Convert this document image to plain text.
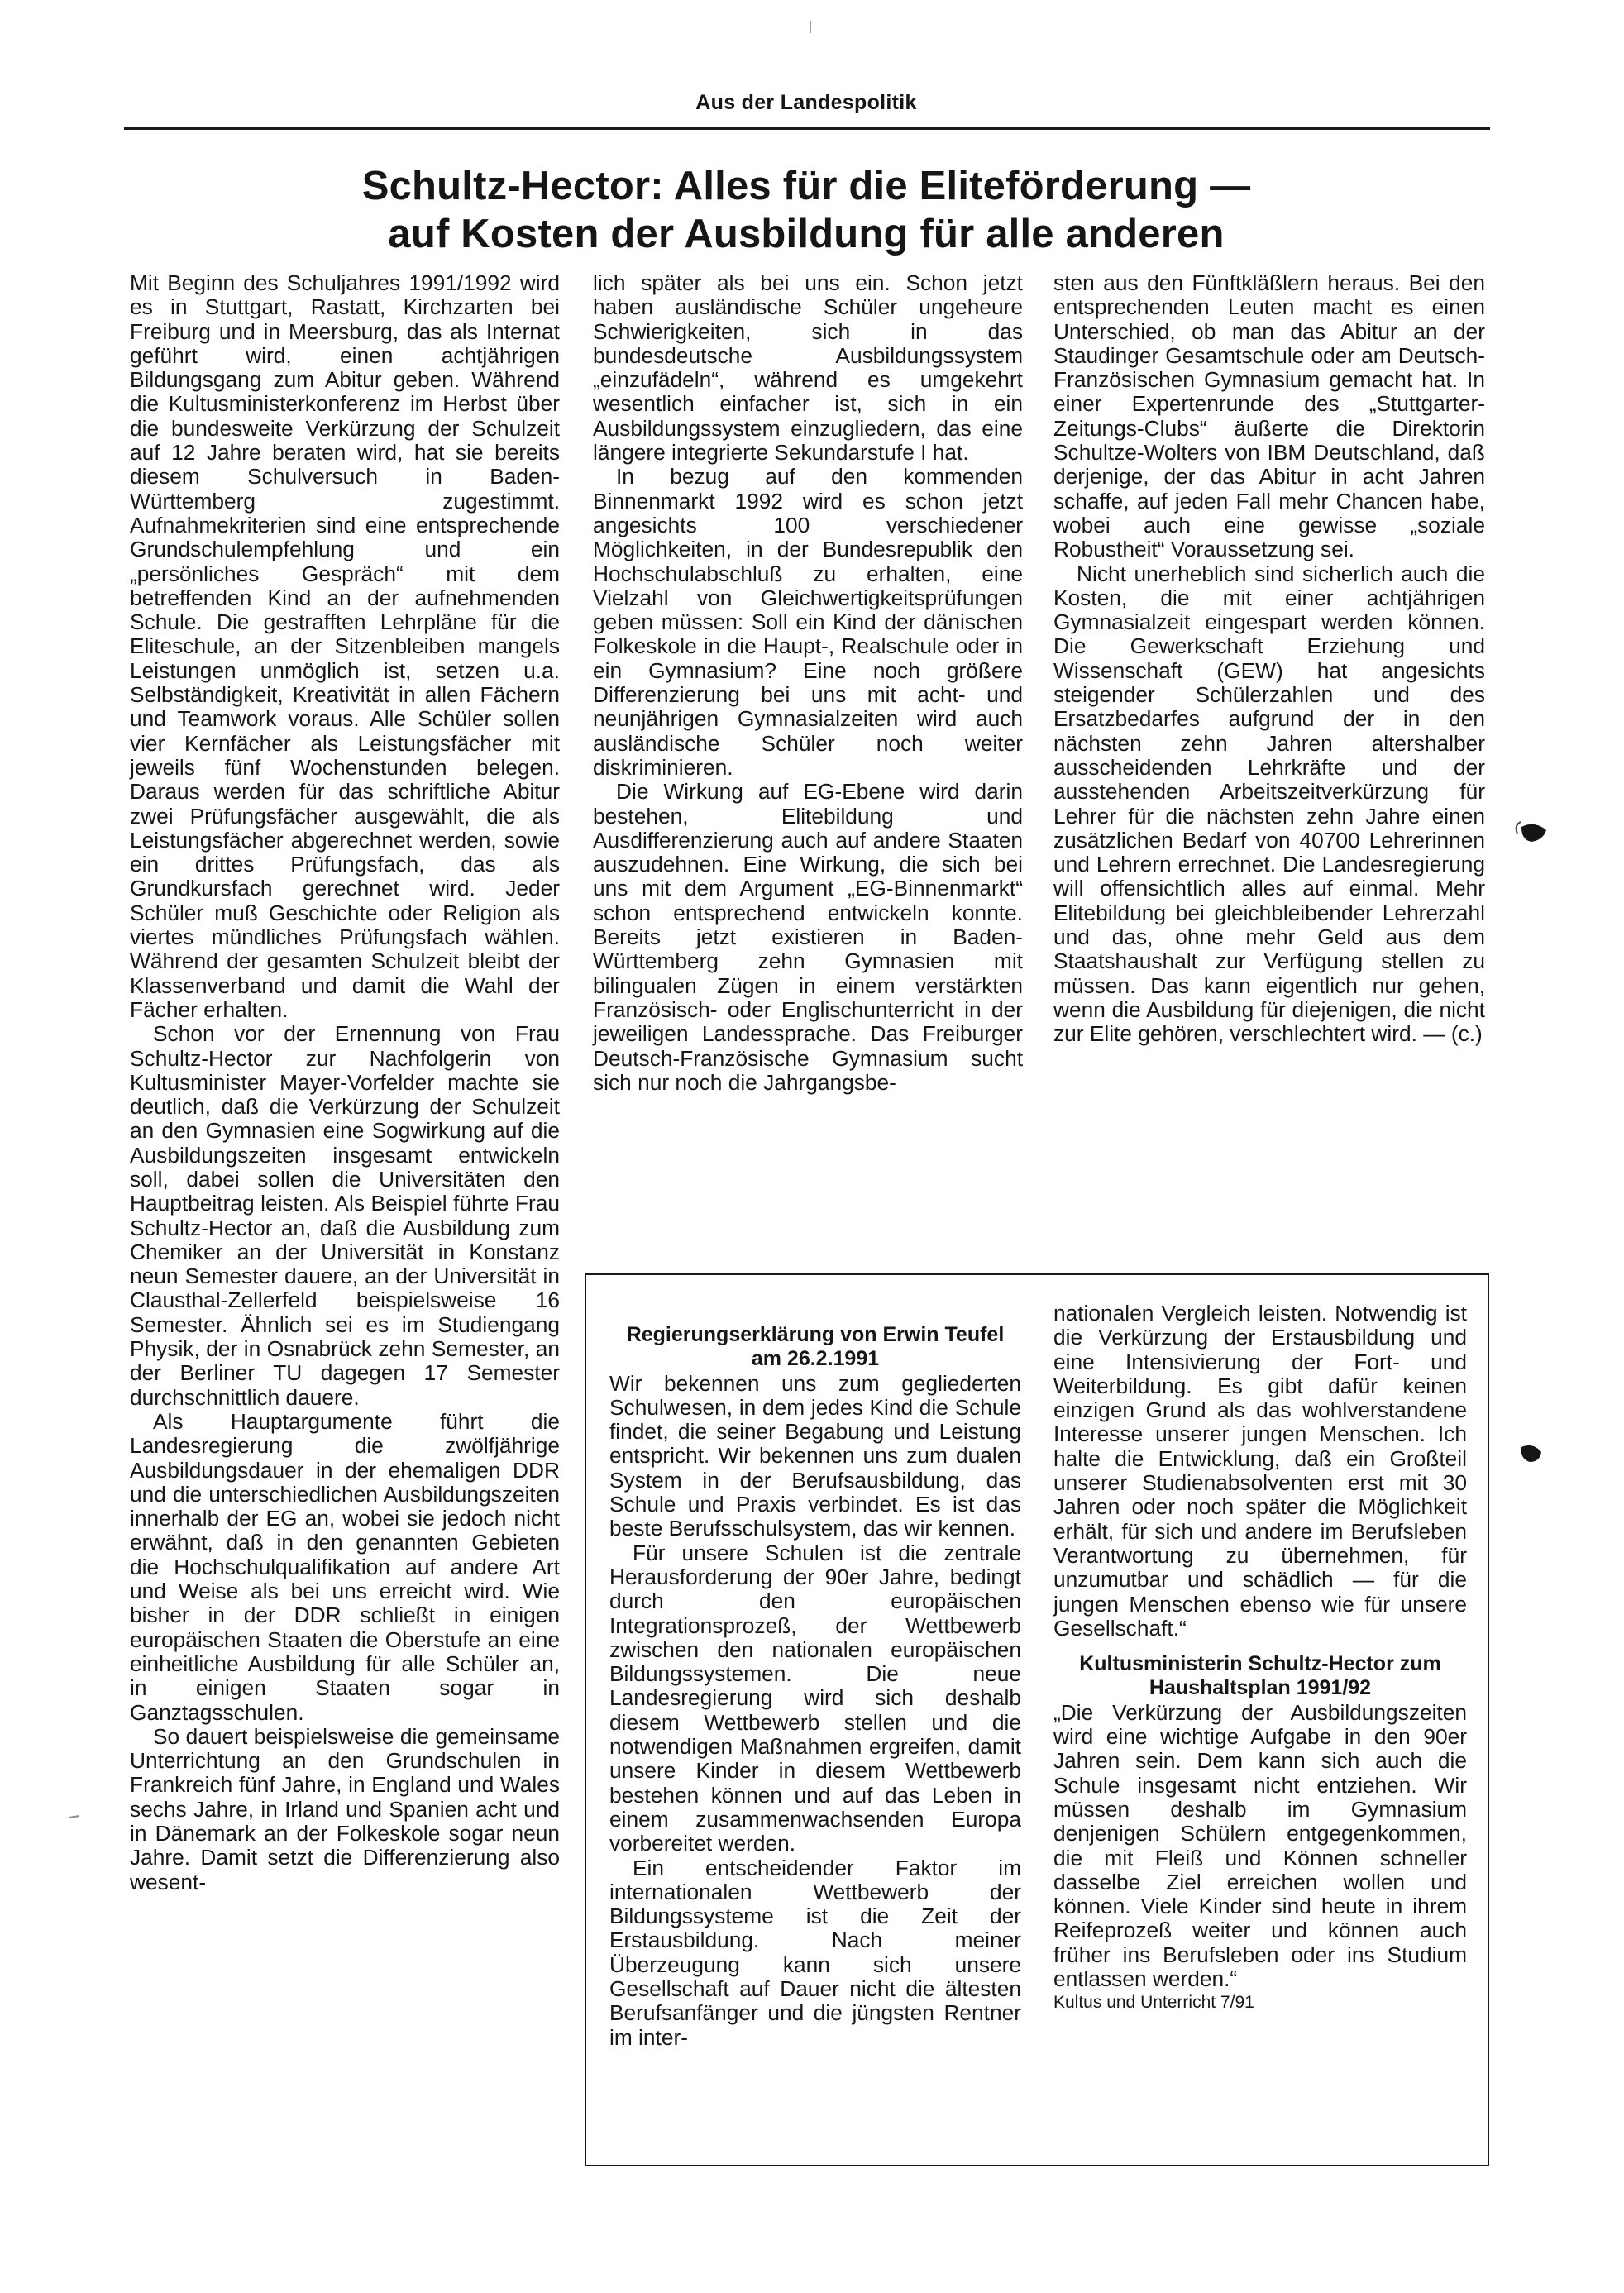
Aus der Landespolitik
Schultz-Hector: Alles für die Eliteförderung —
auf Kosten der Ausbildung für alle anderen

Mit Beginn des Schuljahres 1991/1992 wird es in Stuttgart, Rastatt, Kirchzarten bei Freiburg und in Meersburg, das als Internat geführt wird, einen achtjährigen Bildungsgang zum Abitur geben. Während die Kultusministerkonferenz im Herbst über die bundesweite Verkürzung der Schulzeit auf 12 Jahre beraten wird, hat sie bereits diesem Schulversuch in Baden-Württemberg zugestimmt. Aufnahmekriterien sind eine entsprechende Grundschulempfehlung und ein „persönliches Gespräch“ mit dem betreffenden Kind an der aufnehmenden Schule. Die gestrafften Lehrpläne für die Eliteschule, an der Sitzenbleiben mangels Leistungen unmöglich ist, setzen u.a. Selbständigkeit, Kreativität in allen Fächern und Teamwork voraus. Alle Schüler sollen vier Kernfächer als Leistungsfächer mit jeweils fünf Wochenstunden belegen. Daraus werden für das schriftliche Abitur zwei Prüfungsfächer ausgewählt, die als Leistungsfächer abgerechnet werden, sowie ein drittes Prüfungsfach, das als Grundkursfach gerechnet wird. Jeder Schüler muß Geschichte oder Religion als viertes mündliches Prüfungsfach wählen. Während der gesamten Schulzeit bleibt der Klassenverband und damit die Wahl der Fächer erhalten.

Schon vor der Ernennung von Frau Schultz-Hector zur Nachfolgerin von Kultusminister Mayer-Vorfelder machte sie deutlich, daß die Verkürzung der Schulzeit an den Gymnasien eine Sogwirkung auf die Ausbildungszeiten insgesamt entwickeln soll, dabei sollen die Universitäten den Hauptbeitrag leisten. Als Beispiel führte Frau Schultz-Hector an, daß die Ausbildung zum Chemiker an der Universität in Konstanz neun Semester dauere, an der Universität in Clausthal-Zellerfeld beispielsweise 16 Semester. Ähnlich sei es im Studiengang Physik, der in Osnabrück zehn Semester, an der Berliner TU dagegen 17 Semester durchschnittlich dauere.

Als Hauptargumente führt die Landesregierung die zwölfjährige Ausbildungsdauer in der ehemaligen DDR und die unterschiedlichen Ausbildungszeiten innerhalb der EG an, wobei sie jedoch nicht erwähnt, daß in den genannten Gebieten die Hochschulqualifikation auf andere Art und Weise als bei uns erreicht wird. Wie bisher in der DDR schließt in einigen europäischen Staaten die Oberstufe an eine einheitliche Ausbildung für alle Schüler an, in einigen Staaten sogar in Ganztagsschulen.

So dauert beispielsweise die gemeinsame Unterrichtung an den Grundschulen in Frankreich fünf Jahre, in England und Wales sechs Jahre, in Irland und Spanien acht und in Dänemark an der Folkeskole sogar neun Jahre. Damit setzt die Differenzierung also wesent-

lich später als bei uns ein. Schon jetzt haben ausländische Schüler ungeheure Schwierigkeiten, sich in das bundesdeutsche Ausbildungssystem „einzufädeln“, während es umgekehrt wesentlich einfacher ist, sich in ein Ausbildungssystem einzugliedern, das eine längere integrierte Sekundarstufe I hat.

In bezug auf den kommenden Binnenmarkt 1992 wird es schon jetzt angesichts 100 verschiedener Möglichkeiten, in der Bundesrepublik den Hochschulabschluß zu erhalten, eine Vielzahl von Gleichwertigkeitsprüfungen geben müssen: Soll ein Kind der dänischen Folkeskole in die Haupt-, Realschule oder in ein Gymnasium? Eine noch größere Differenzierung bei uns mit acht- und neunjährigen Gymnasialzeiten wird auch ausländische Schüler noch weiter diskriminieren.

Die Wirkung auf EG-Ebene wird darin bestehen, Elitebildung und Ausdifferenzierung auch auf andere Staaten auszudehnen. Eine Wirkung, die sich bei uns mit dem Argument „EG-Binnenmarkt“ schon entsprechend entwickeln konnte. Bereits jetzt existieren in Baden-Württemberg zehn Gymnasien mit bilingualen Zügen in einem verstärkten Französisch- oder Englischunterricht in der jeweiligen Landessprache. Das Freiburger Deutsch-Französische Gymnasium sucht sich nur noch die Jahrgangsbe-

sten aus den Fünftkläßlern heraus. Bei den entsprechenden Leuten macht es einen Unterschied, ob man das Abitur an der Staudinger Gesamtschule oder am Deutsch-Französischen Gymnasium gemacht hat. In einer Expertenrunde des „Stuttgarter-Zeitungs-Clubs“ äußerte die Direktorin Schultze-Wolters von IBM Deutschland, daß derjenige, der das Abitur in acht Jahren schaffe, auf jeden Fall mehr Chancen habe, wobei auch eine gewisse „soziale Robustheit“ Voraussetzung sei.

Nicht unerheblich sind sicherlich auch die Kosten, die mit einer achtjährigen Gymnasialzeit eingespart werden können. Die Gewerkschaft Erziehung und Wissenschaft (GEW) hat angesichts steigender Schülerzahlen und des Ersatzbedarfes aufgrund der in den nächsten zehn Jahren altershalber ausscheidenden Lehrkräfte und der ausstehenden Arbeitszeitverkürzung für Lehrer für die nächsten zehn Jahre einen zusätzlichen Bedarf von 40700 Lehrerinnen und Lehrern errechnet. Die Landesregierung will offensichtlich alles auf einmal. Mehr Elitebildung bei gleichbleibender Lehrerzahl und das, ohne mehr Geld aus dem Staatshaushalt zur Verfügung stellen zu müssen. Das kann eigentlich nur gehen, wenn die Ausbildung für diejenigen, die nicht zur Elite gehören, verschlechtert wird. — (c.)

Regierungserklärung von Erwin Teufel am 26.2.1991

Wir bekennen uns zum gegliederten Schulwesen, in dem jedes Kind die Schule findet, die seiner Begabung und Leistung entspricht. Wir bekennen uns zum dualen System in der Berufsausbildung, das Schule und Praxis verbindet. Es ist das beste Berufsschulsystem, das wir kennen.

Für unsere Schulen ist die zentrale Herausforderung der 90er Jahre, bedingt durch den europäischen Integrationsprozeß, der Wettbewerb zwischen den nationalen europäischen Bildungssystemen. Die neue Landesregierung wird sich deshalb diesem Wettbewerb stellen und die notwendigen Maßnahmen ergreifen, damit unsere Kinder in diesem Wettbewerb bestehen können und auf das Leben in einem zusammenwachsenden Europa vorbereitet werden.

Ein entscheidender Faktor im internationalen Wettbewerb der Bildungssysteme ist die Zeit der Erstausbildung. Nach meiner Überzeugung kann sich unsere Gesellschaft auf Dauer nicht die ältesten Berufsanfänger und die jüngsten Rentner im inter-

nationalen Vergleich leisten. Notwendig ist die Verkürzung der Erstausbildung und eine Intensivierung der Fort- und Weiterbildung. Es gibt dafür keinen einzigen Grund als das wohlverstandene Interesse unserer jungen Menschen. Ich halte die Entwicklung, daß ein Großteil unserer Studienabsolventen erst mit 30 Jahren oder noch später die Möglichkeit erhält, für sich und andere im Berufsleben Verantwortung zu übernehmen, für unzumutbar und schädlich — für die jungen Menschen ebenso wie für unsere Gesellschaft.“

Kultusministerin Schultz-Hector zum Haushaltsplan 1991/92

„Die Verkürzung der Ausbildungszeiten wird eine wichtige Aufgabe in den 90er Jahren sein. Dem kann sich auch die Schule insgesamt nicht entziehen. Wir müssen deshalb im Gymnasium denjenigen Schülern entgegenkommen, die mit Fleiß und Können schneller dasselbe Ziel erreichen wollen und können. Viele Kinder sind heute in ihrem Reifeprozeß weiter und können auch früher ins Berufsleben oder ins Studium entlassen werden.“

Kultus und Unterricht 7/91
